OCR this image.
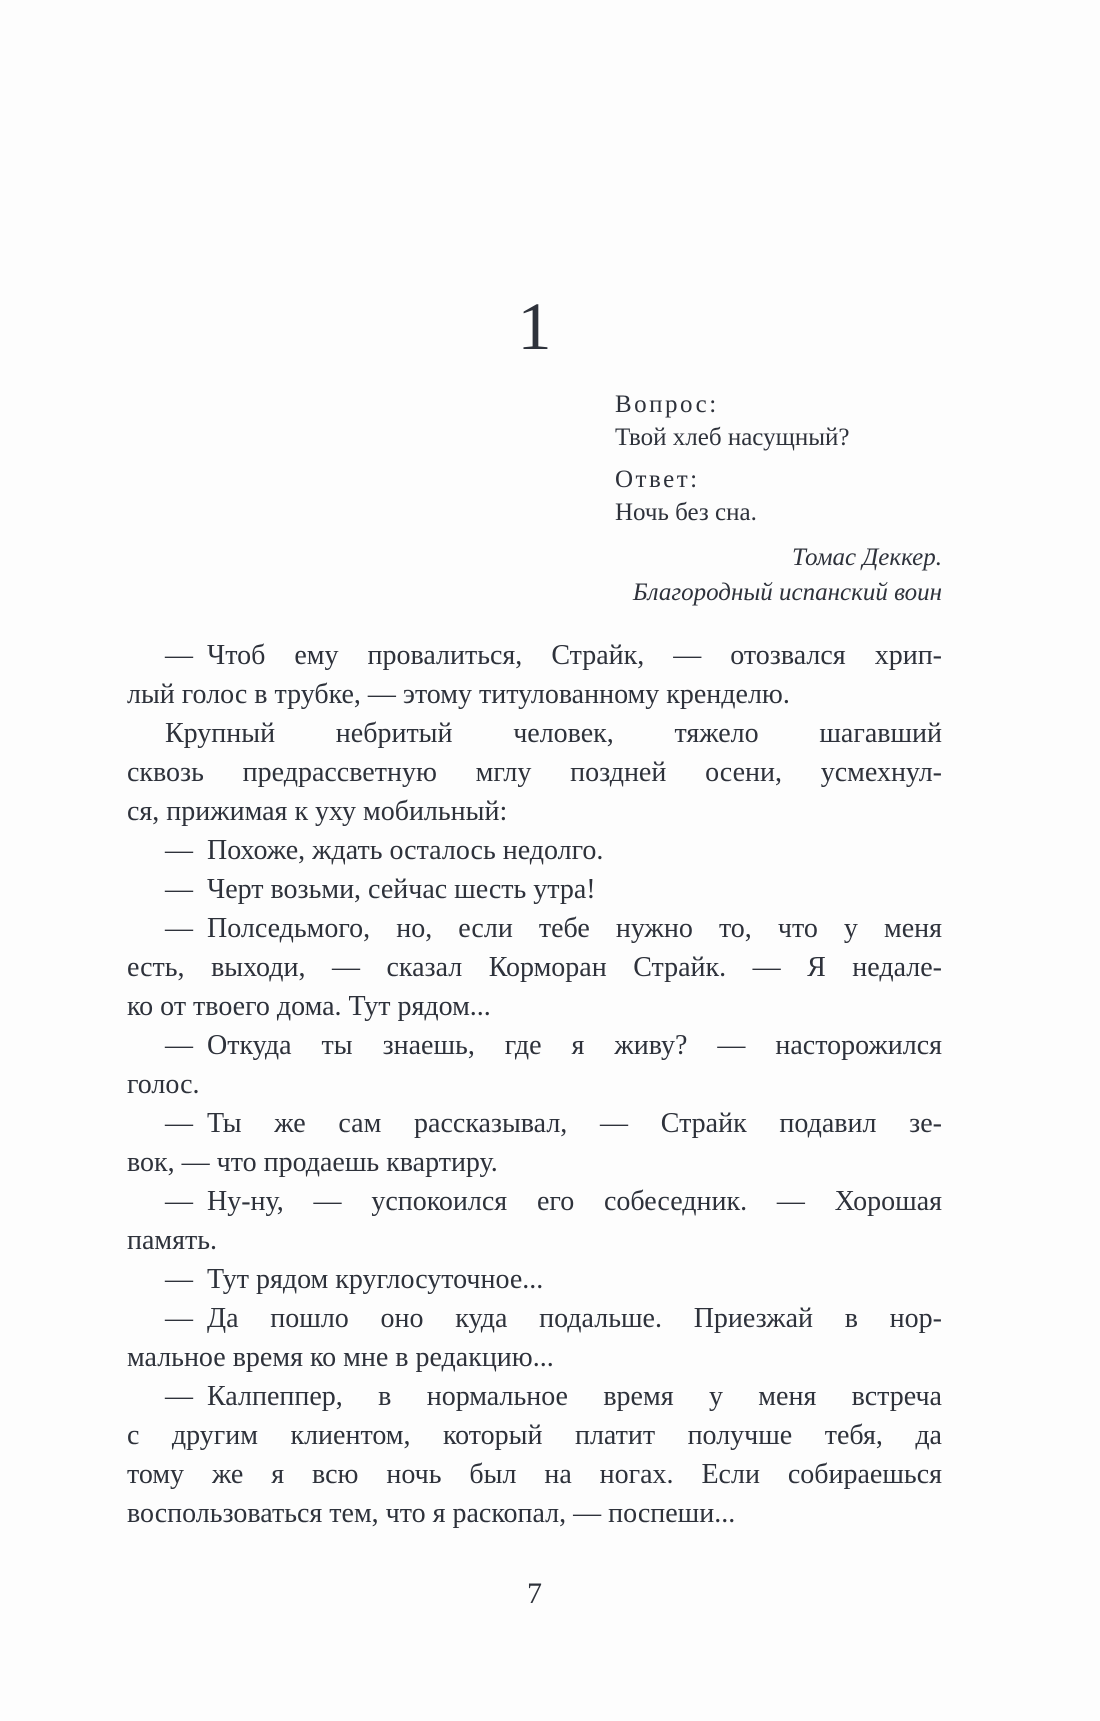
1
Вопрос:
Твой хлеб насущный?
Ответ:
Ночь без сна.
Томас Деккер.
Благородный испанский воин
— Чтоб ему провалиться, Страйк, — отозвался хрип-
лый голос в трубке, — этому титулованному кренделю.
Крупный небритый человек, тяжело шагавший
сквозь предрассветную мглу поздней осени, усмехнул-
ся, прижимая к уху мобильный:
— Похоже, ждать осталось недолго.
— Черт возьми, сейчас шесть утра!
— Полседьмого, но, если тебе нужно то, что у меня
есть, выходи, — сказал Корморан Страйк. — Я недале-
ко от твоего дома. Тут рядом...
— Откуда ты знаешь, где я живу? — насторожился
голос.
— Ты же сам рассказывал, — Страйк подавил зе-
вок, — что продаешь квартиру.
— Ну-ну, — успокоился его собеседник. — Хорошая
память.
— Тут рядом круглосуточное...
— Да пошло оно куда подальше. Приезжай в нор-
мальное время ко мне в редакцию...
— Калпеппер, в нормальное время у меня встреча
с другим клиентом, который платит получше тебя, да
тому же я всю ночь был на ногах. Если собираешься
воспользоваться тем, что я раскопал, — поспеши...
7
